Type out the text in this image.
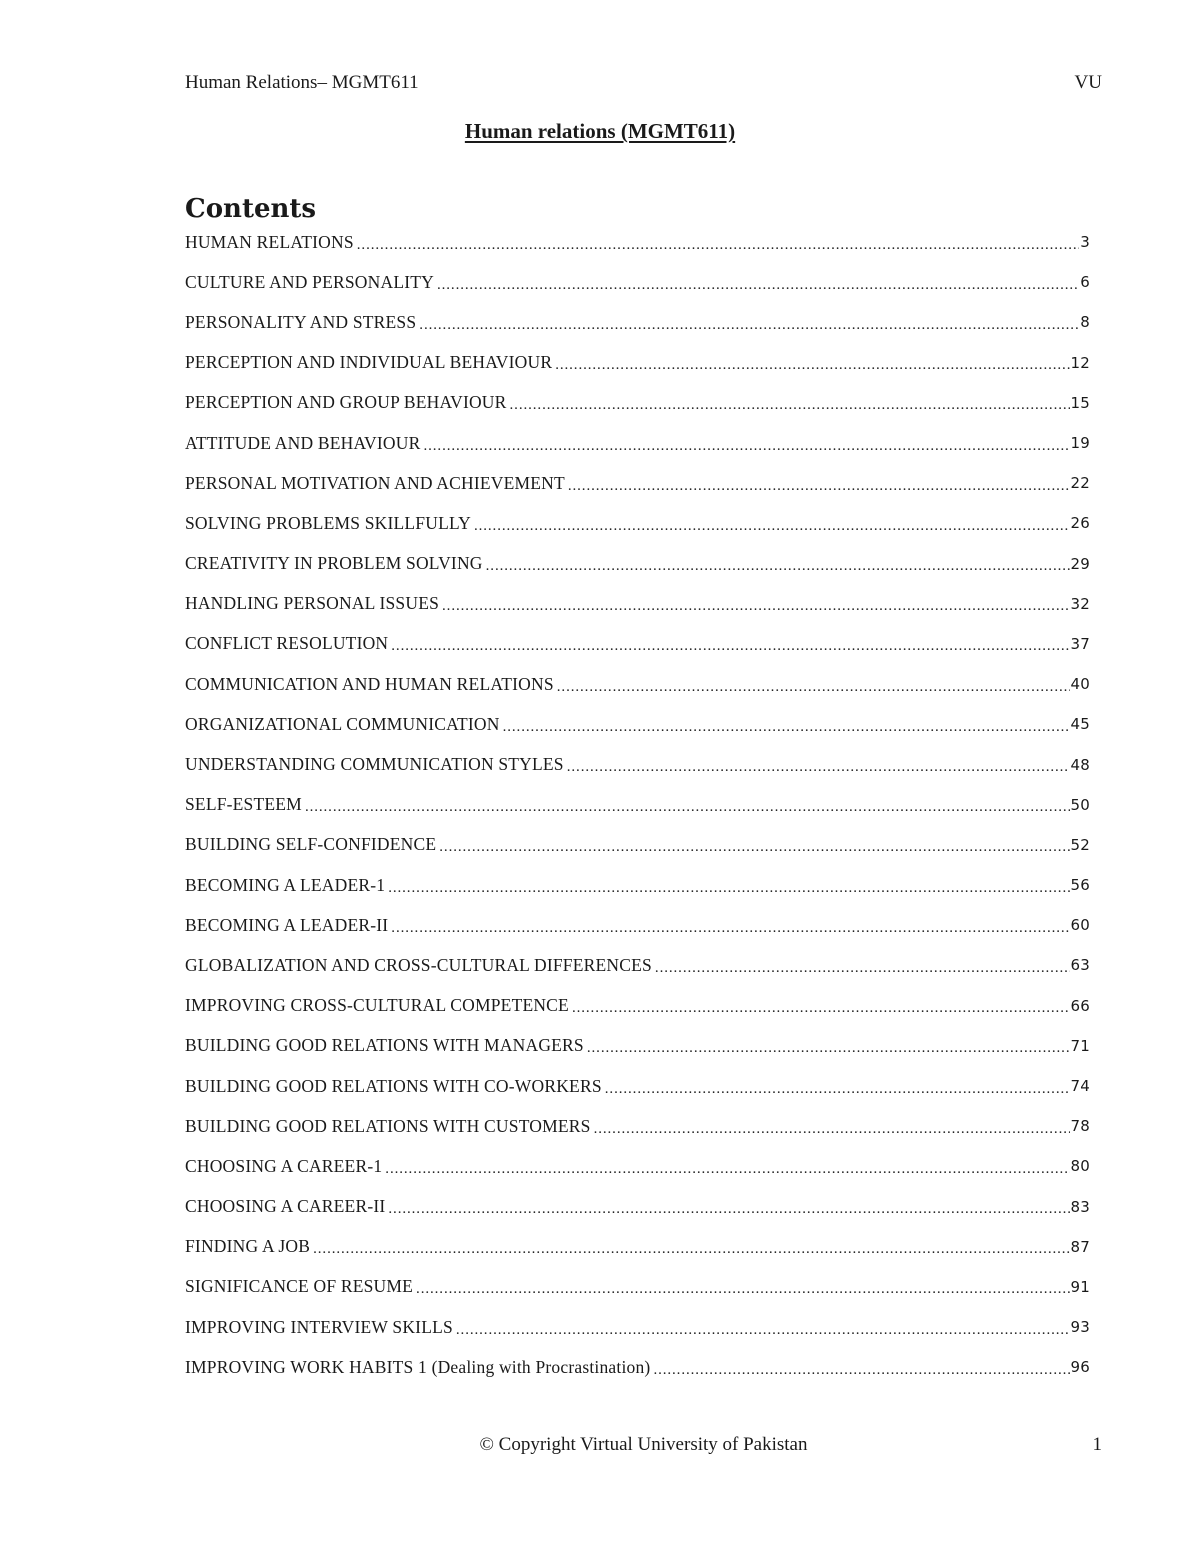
Human Relations– MGMT611	VU
Human relations (MGMT611)
Contents
HUMAN RELATIONS .....	3
CULTURE AND PERSONALITY .....	6
PERSONALITY AND STRESS .....	8
PERCEPTION AND INDIVIDUAL BEHAVIOUR .....	12
PERCEPTION AND GROUP BEHAVIOUR .....	15
ATTITUDE AND BEHAVIOUR .....	19
PERSONAL MOTIVATION AND ACHIEVEMENT .....	22
SOLVING PROBLEMS SKILLFULLY .....	26
CREATIVITY IN PROBLEM SOLVING .....	29
HANDLING PERSONAL ISSUES .....	32
CONFLICT RESOLUTION .....	37
COMMUNICATION AND HUMAN RELATIONS .....	40
ORGANIZATIONAL COMMUNICATION .....	45
UNDERSTANDING COMMUNICATION STYLES .....	48
SELF-ESTEEM .....	50
BUILDING SELF-CONFIDENCE .....	52
BECOMING A LEADER-1 .....	56
BECOMING A LEADER-II .....	60
GLOBALIZATION AND CROSS-CULTURAL DIFFERENCES .....	63
IMPROVING CROSS-CULTURAL COMPETENCE .....	66
BUILDING GOOD RELATIONS WITH MANAGERS .....	71
BUILDING GOOD RELATIONS WITH CO-WORKERS .....	74
BUILDING GOOD RELATIONS WITH CUSTOMERS .....	78
CHOOSING A CAREER-1 .....	80
CHOOSING A CAREER-II .....	83
FINDING A JOB .....	87
SIGNIFICANCE OF RESUME .....	91
IMPROVING INTERVIEW SKILLS .....	93
IMPROVING WORK HABITS 1 (Dealing with Procrastination) .....	96
© Copyright Virtual University of Pakistan	1
